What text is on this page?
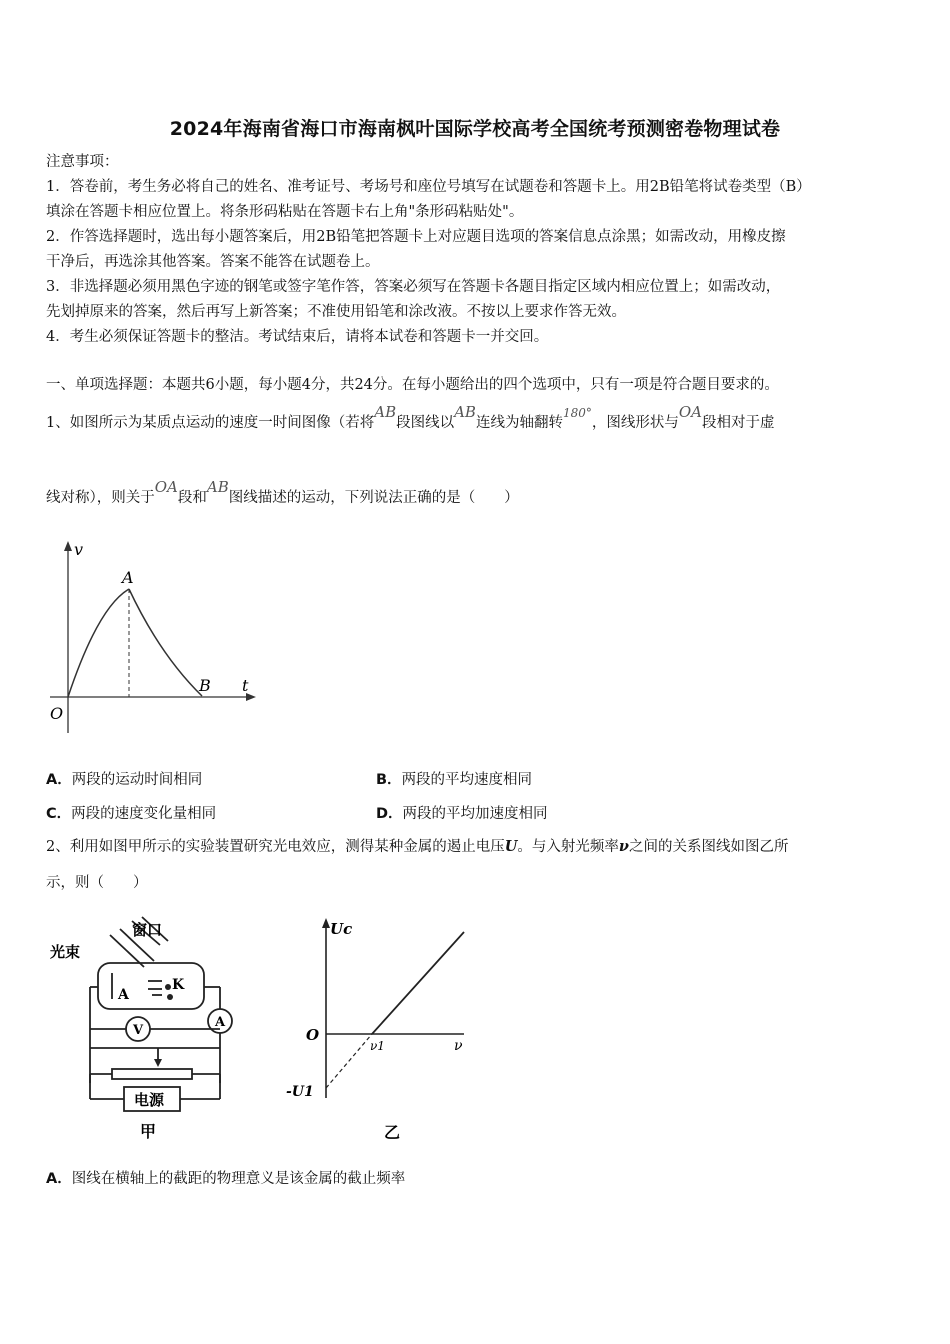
2024年海南省海口市海南枫叶国际学校高考全国统考预测密卷物理试卷
注意事项：
1．答卷前，考生务必将自己的姓名、准考证号、考场号和座位号填写在试题卷和答题卡上。用2B铅笔将试卷类型（B）
填涂在答题卡相应位置上。将条形码粘贴在答题卡右上角"条形码粘贴处"。
2．作答选择题时，选出每小题答案后，用2B铅笔把答题卡上对应题目选项的答案信息点涂黑；如需改动，用橡皮擦
干净后，再选涂其他答案。答案不能答在试题卷上。
3．非选择题必须用黑色字迹的钢笔或签字笔作答，答案必须写在答题卡各题目指定区域内相应位置上；如需改动，
先划掉原来的答案，然后再写上新答案；不准使用铅笔和涂改液。不按以上要求作答无效。
4．考生必须保证答题卡的整洁。考试结束后，请将本试卷和答题卡一并交回。
一、单项选择题：本题共6小题，每小题4分，共24分。在每小题给出的四个选项中，只有一项是符合题目要求的。
1、如图所示为某质点运动的速度一时间图像（若将AB段图线以AB连线为轴翻转$^{180^\circ}$，图线形状与OA段相对于虚
线对称），则关于OA段和AB图线描述的运动，下列说法正确的是（　　）
v
t
O
A
B
A．两段的运动时间相同	B．两段的平均速度相同
C．两段的速度变化量相同	D．两段的平均加速度相同
2、利用如图甲所示的实验装置研究光电效应，测得某种金属的遏止电压U。与入射光频率ν之间的关系图线如图乙所
示，则（　　）
窗口
光束
A
K
A
V
电源
甲
Uc
O
ν1	ν
-U1
乙
A．图线在横轴上的截距的物理意义是该金属的截止频率
